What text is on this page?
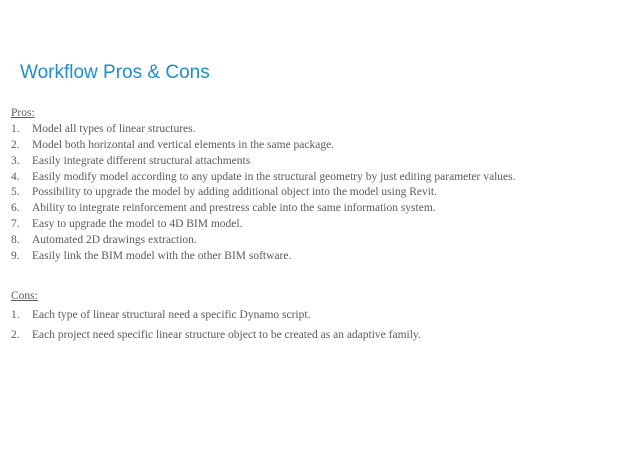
Workflow Pros & Cons
Pros:
1.	Model all types of linear structures.
2.	Model both horizontal and vertical elements in the same package.
3.	Easily integrate different structural attachments
4.	Easily modify model according to any update in the structural geometry by just editing parameter values.
5.	Possibility to upgrade the model by adding additional object into the model using Revit.
6.	Ability to integrate reinforcement and prestress cable into the same information system.
7.	Easy to upgrade the model to 4D BIM model.
8.	Automated 2D drawings extraction.
9.	Easily link the BIM model with the other BIM software.
Cons:
1.	Each type of linear structural need a specific Dynamo script.
2.	Each project need specific linear structure object to be created as an adaptive family.
